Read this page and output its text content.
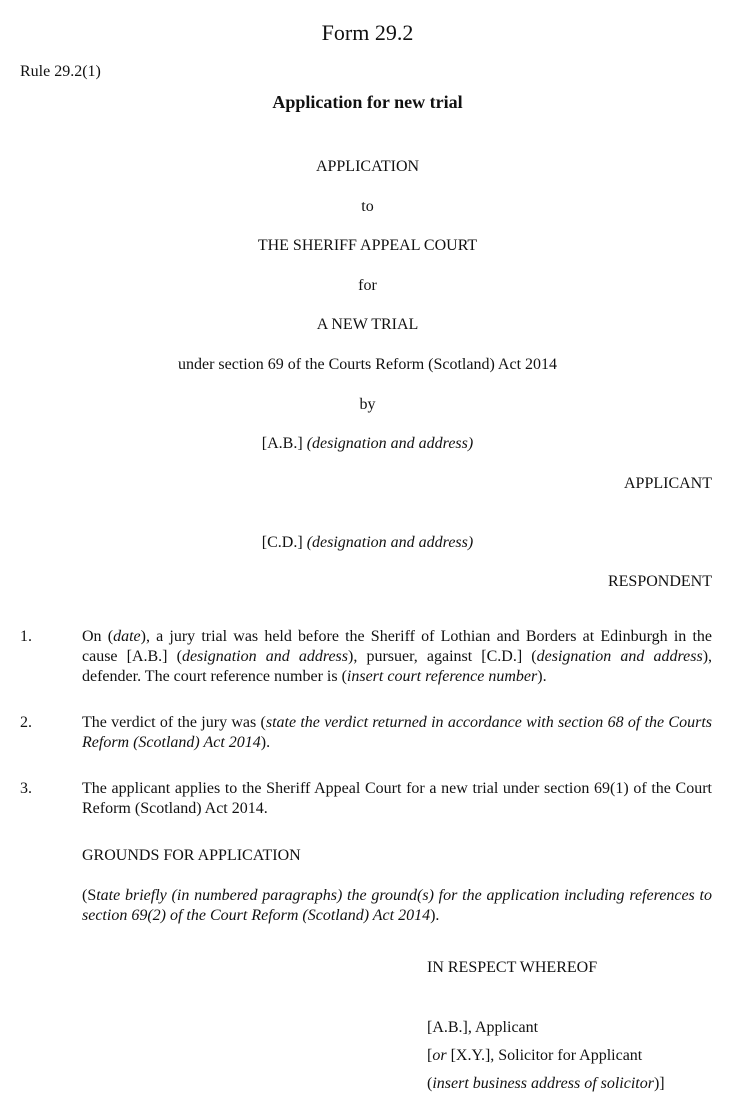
Form 29.2
Rule 29.2(1)
Application for new trial
APPLICATION
to
THE SHERIFF APPEAL COURT
for
A NEW TRIAL
under section 69 of the Courts Reform (Scotland) Act 2014
by
[A.B.] (designation and address)
APPLICANT
[C.D.] (designation and address)
RESPONDENT
1.	On (date), a jury trial was held before the Sheriff of Lothian and Borders at Edinburgh in the cause [A.B.] (designation and address), pursuer, against [C.D.] (designation and address), defender. The court reference number is (insert court reference number).
2.	The verdict of the jury was (state the verdict returned in accordance with section 68 of the Courts Reform (Scotland) Act 2014).
3.	The applicant applies to the Sheriff Appeal Court for a new trial under section 69(1) of the Court Reform (Scotland) Act 2014.
GROUNDS FOR APPLICATION
(State briefly (in numbered paragraphs) the ground(s) for the application including references to section 69(2) of the Court Reform (Scotland) Act 2014).
IN RESPECT WHEREOF
[A.B.], Applicant
[or [X.Y.], Solicitor for Applicant
(insert business address of solicitor)]
